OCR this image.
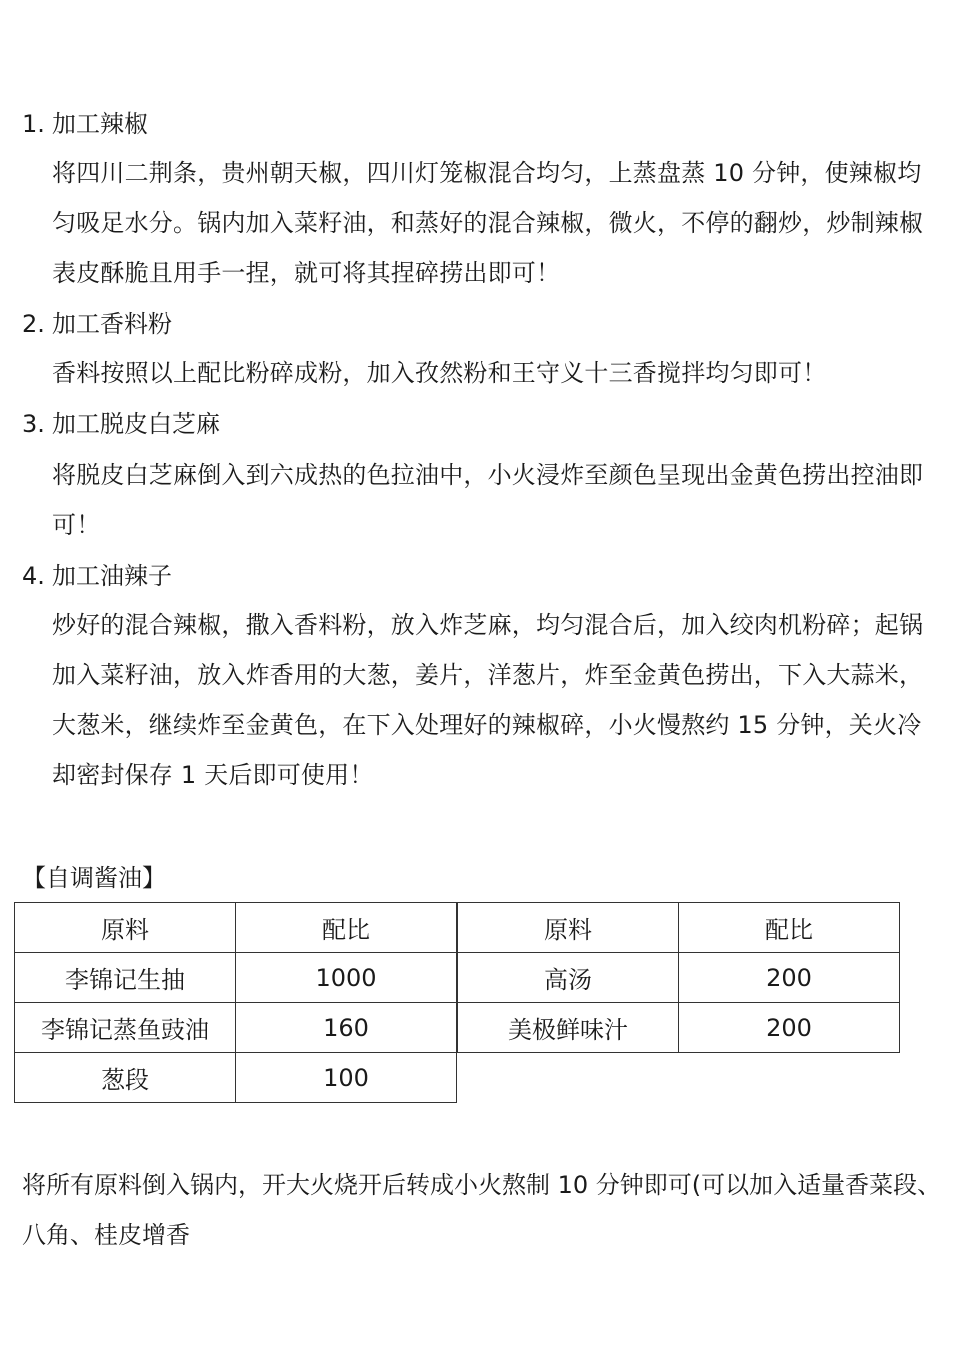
1. 加工辣椒
将四川二荆条，贵州朝天椒，四川灯笼椒混合均匀，上蒸盘蒸 10 分钟，使辣椒均匀吸足水分。锅内加入菜籽油，和蒸好的混合辣椒，微火，不停的翻炒，炒制辣椒表皮酥脆且用手一捏，就可将其捏碎捞出即可！
2. 加工香料粉
香料按照以上配比粉碎成粉，加入孜然粉和王守义十三香搅拌均匀即可！
3. 加工脱皮白芝麻
将脱皮白芝麻倒入到六成热的色拉油中，小火浸炸至颜色呈现出金黄色捞出控油即可！
4. 加工油辣子
炒好的混合辣椒，撒入香料粉，放入炸芝麻，均匀混合后，加入绞肉机粉碎；起锅加入菜籽油，放入炸香用的大葱，姜片，洋葱片，炸至金黄色捞出，下入大蒜米，大葱米，继续炸至金黄色，在下入处理好的辣椒碎，小火慢熬约 15 分钟，关火冷却密封保存 1 天后即可使用！
【自调酱油】
原料	配比
李锦记生抽	1000
李锦记蒸鱼豉油	160
葱段	100
原料	配比
高汤	200
美极鲜味汁	200
将所有原料倒入锅内，开大火烧开后转成小火熬制 10 分钟即可(可以加入适量香菜段、八角、桂皮增香
